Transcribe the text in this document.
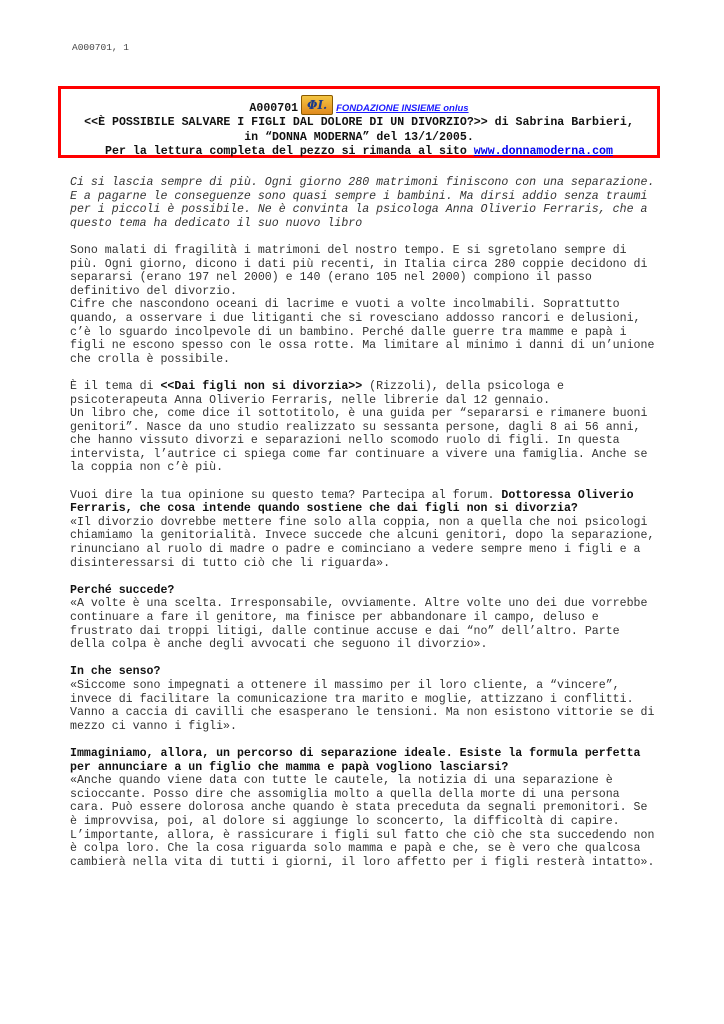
A000701, 1
A000701 ΦI. FONDAZIONE INSIEME onlus
<<È POSSIBILE SALVARE I FIGLI DAL DOLORE DI UN DIVORZIO?>> di Sabrina Barbieri,
in “DONNA MODERNA” del 13/1/2005.
Per la lettura completa del pezzo si rimanda al sito www.donnamoderna.com

Ci si lascia sempre di più. Ogni giorno 280 matrimoni finiscono con una separazione. E a pagarne le conseguenze sono quasi sempre i bambini. Ma dirsi addio senza traumi per i piccoli è possibile. Ne è convinta la psicologa Anna Oliverio Ferraris, che a questo tema ha dedicato il suo nuovo libro

Sono malati di fragilità i matrimoni del nostro tempo. E si sgretolano sempre di più. Ogni giorno, dicono i dati più recenti, in Italia circa 280 coppie decidono di separarsi (erano 197 nel 2000) e 140 (erano 105 nel 2000) compiono il passo definitivo del divorzio.
Cifre che nascondono oceani di lacrime e vuoti a volte incolmabili. Soprattutto quando, a osservare i due litiganti che si rovesciano addosso rancori e delusioni, c’è lo sguardo incolpevole di un bambino. Perché dalle guerre tra mamme e papà i figli ne escono spesso con le ossa rotte. Ma limitare al minimo i danni di un’unione che crolla è possibile.

È il tema di <<Dai figli non si divorzia>> (Rizzoli), della psicologa e psicoterapeuta Anna Oliverio Ferraris, nelle librerie dal 12 gennaio.
Un libro che, come dice il sottotitolo, è una guida per “separarsi e rimanere buoni genitori”. Nasce da uno studio realizzato su sessanta persone, dagli 8 ai 56 anni, che hanno vissuto divorzi e separazioni nello scomodo ruolo di figli. In questa intervista, l’autrice ci spiega come far continuare a vivere una famiglia. Anche se la coppia non c’è più.

Vuoi dire la tua opinione su questo tema? Partecipa al forum. Dottoressa Oliverio Ferraris, che cosa intende quando sostiene che dai figli non si divorzia?
«Il divorzio dovrebbe mettere fine solo alla coppia, non a quella che noi psicologi chiamiamo la genitorialità. Invece succede che alcuni genitori, dopo la separazione, rinunciano al ruolo di madre o padre e cominciano a vedere sempre meno i figli e a disinteressarsi di tutto ciò che li riguarda».

Perché succede?
«A volte è una scelta. Irresponsabile, ovviamente. Altre volte uno dei due vorrebbe continuare a fare il genitore, ma finisce per abbandonare il campo, deluso e frustrato dai troppi litigi, dalle continue accuse e dai “no” dell’altro. Parte della colpa è anche degli avvocati che seguono il divorzio».

In che senso?
«Siccome sono impegnati a ottenere il massimo per il loro cliente, a “vincere”, invece di facilitare la comunicazione tra marito e moglie, attizzano i conflitti. Vanno a caccia di cavilli che esasperano le tensioni. Ma non esistono vittorie se di mezzo ci vanno i figli».

Immaginiamo, allora, un percorso di separazione ideale. Esiste la formula perfetta per annunciare a un figlio che mamma e papà vogliono lasciarsi?
«Anche quando viene data con tutte le cautele, la notizia di una separazione è scioccante. Posso dire che assomiglia molto a quella della morte di una persona cara. Può essere dolorosa anche quando è stata preceduta da segnali premonitori. Se è improvvisa, poi, al dolore si aggiunge lo sconcerto, la difficoltà di capire. L’importante, allora, è rassicurare i figli sul fatto che ciò che sta succedendo non è colpa loro. Che la cosa riguarda solo mamma e papà e che, se è vero che qualcosa cambierà nella vita di tutti i giorni, il loro affetto per i figli resterà intatto».
